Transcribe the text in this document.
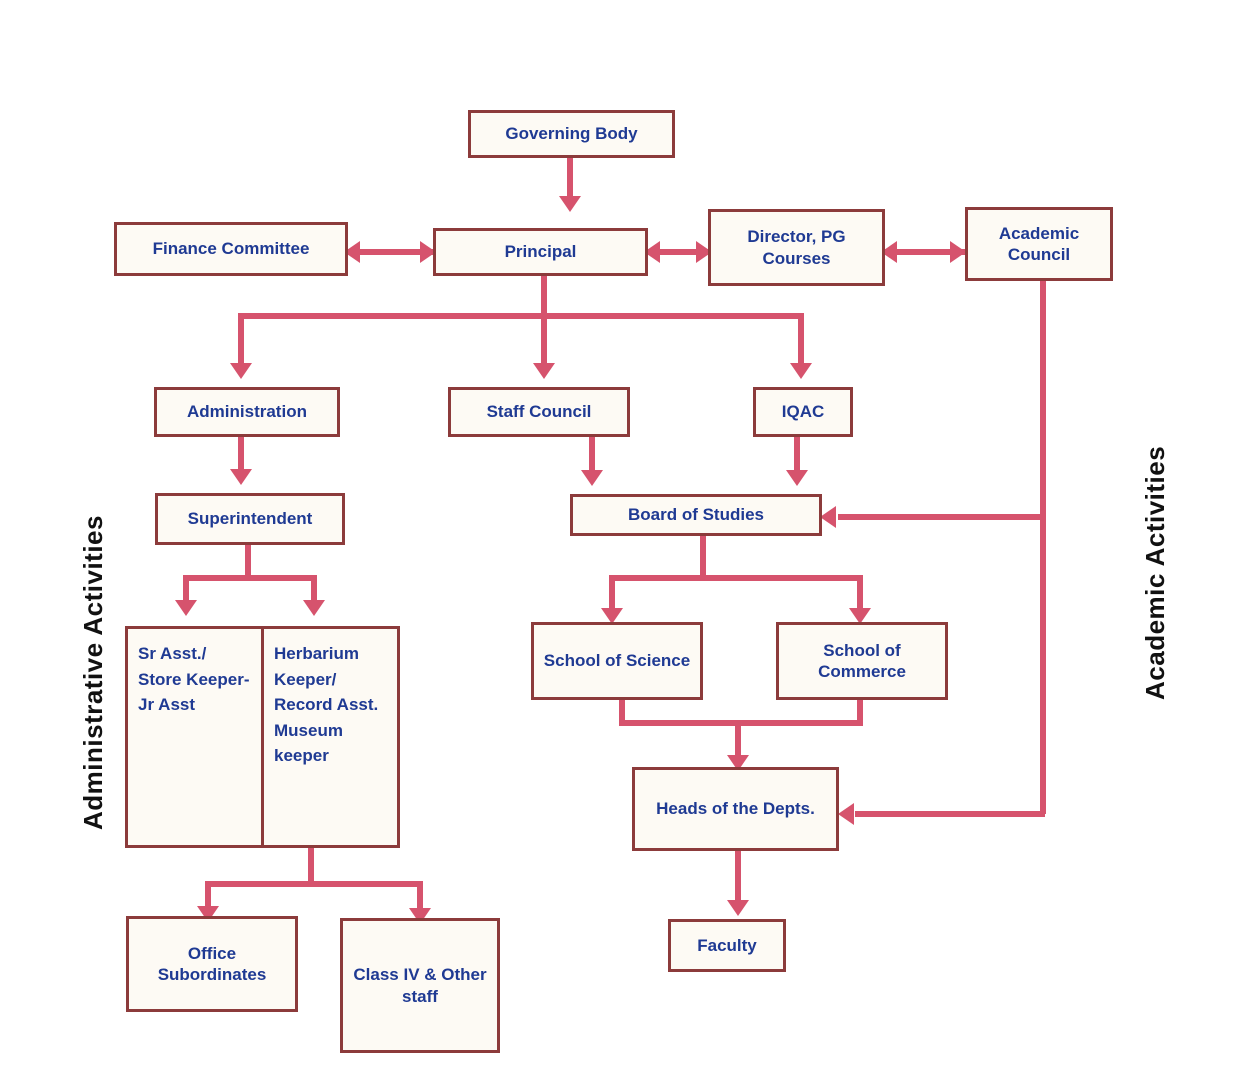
Administrative Activities	Academic Activities
Governing Body
Finance Committee	Principal
Director, PG Courses
Academic Council
Administration	Staff Council	IQAC
Superintendent	Board of Studies
Sr Asst./ Store Keeper- Jr Asst
Herbarium Keeper/ Record Asst. Museum keeper
School of Science
School of Commerce
Heads of the Depts.
Office Subordinates	Class IV & Other staff
Faculty
